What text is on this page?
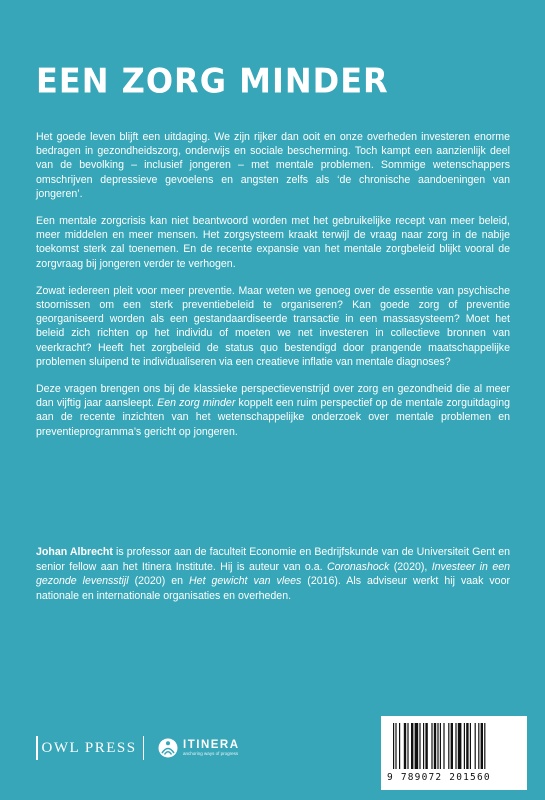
EEN ZORG MINDER

Het goede leven blijft een uitdaging. We zijn rijker dan ooit en onze overheden investeren enorme bedragen in gezondheidszorg, onderwijs en sociale bescherming. Toch kampt een aanzienlijk deel van de bevolking – inclusief jongeren – met mentale problemen. Sommige wetenschappers omschrijven depressieve gevoelens en angsten zelfs als ‘de chronische aandoeningen van jongeren’.

Een mentale zorgcrisis kan niet beantwoord worden met het gebruikelijke recept van meer beleid, meer middelen en meer mensen. Het zorgsysteem kraakt terwijl de vraag naar zorg in de nabije toekomst sterk zal toenemen. En de recente expansie van het mentale zorgbeleid blijkt vooral de zorgvraag bij jongeren verder te verhogen.

Zowat iedereen pleit voor meer preventie. Maar weten we genoeg over de essentie van psychische stoornissen om een sterk preventiebeleid te organiseren? Kan goede zorg of preventie georganiseerd worden als een gestandaardiseerde transactie in een massasysteem? Moet het beleid zich richten op het individu of moeten we net investeren in collectieve bronnen van veerkracht? Heeft het zorgbeleid de status quo bestendigd door prangende maatschappelijke problemen sluipend te individualiseren via een creatieve inflatie van mentale diagnoses?

Deze vragen brengen ons bij de klassieke perspectievenstrijd over zorg en gezondheid die al meer dan vijftig jaar aansleept. Een zorg minder koppelt een ruim perspectief op de mentale zorguitdaging aan de recente inzichten van het wetenschappelijke onderzoek over mentale problemen en preventieprogramma’s gericht op jongeren.

Johan Albrecht is professor aan de faculteit Economie en Bedrijfskunde van de Universiteit Gent en senior fellow aan het Itinera Institute. Hij is auteur van o.a. Coronashock (2020), Investeer in een gezonde levensstijl (2020) en Het gewicht van vlees (2016). Als adviseur werkt hij vaak voor nationale en internationale organisaties en overheden.
OWL PRESS	ITINERA
anchoring ways of progress
9 789072 201560
